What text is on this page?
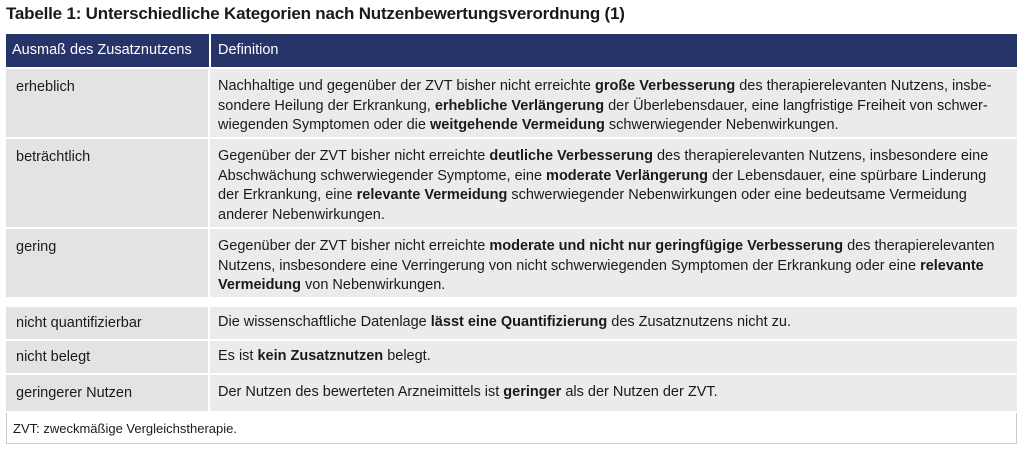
Tabelle 1: Unterschiedliche Kategorien nach Nutzenbewertungsverordnung (1)
Ausmaß des Zusatznutzens	Definition
erheblich	Nachhaltige und gegenüber der ZVT bisher nicht erreichte große Verbesserung des therapierelevanten Nutzens, insbe-sondere Heilung der Erkrankung, erhebliche Verlängerung der Überlebensdauer, eine langfristige Freiheit von schwer-wiegenden Symptomen oder die weitgehende Vermeidung schwerwiegender Nebenwirkungen.
beträchtlich	Gegenüber der ZVT bisher nicht erreichte deutliche Verbesserung des therapierelevanten Nutzens, insbesondere eine Abschwächung schwerwiegender Symptome, eine moderate Verlängerung der Lebensdauer, eine spürbare Linderung der Erkrankung, eine relevante Vermeidung schwerwiegender Nebenwirkungen oder eine bedeutsame Vermeidung anderer Nebenwirkungen.
gering	Gegenüber der ZVT bisher nicht erreichte moderate und nicht nur geringfügige Verbesserung des therapierelevanten Nutzens, insbesondere eine Verringerung von nicht schwerwiegenden Symptomen der Erkrankung oder eine relevante Vermeidung von Nebenwirkungen.
nicht quantifizierbar	Die wissenschaftliche Datenlage lässt eine Quantifizierung des Zusatznutzens nicht zu.
nicht belegt	Es ist kein Zusatznutzen belegt.
geringerer Nutzen	Der Nutzen des bewerteten Arzneimittels ist geringer als der Nutzen der ZVT.
ZVT: zweckmäßige Vergleichstherapie.
